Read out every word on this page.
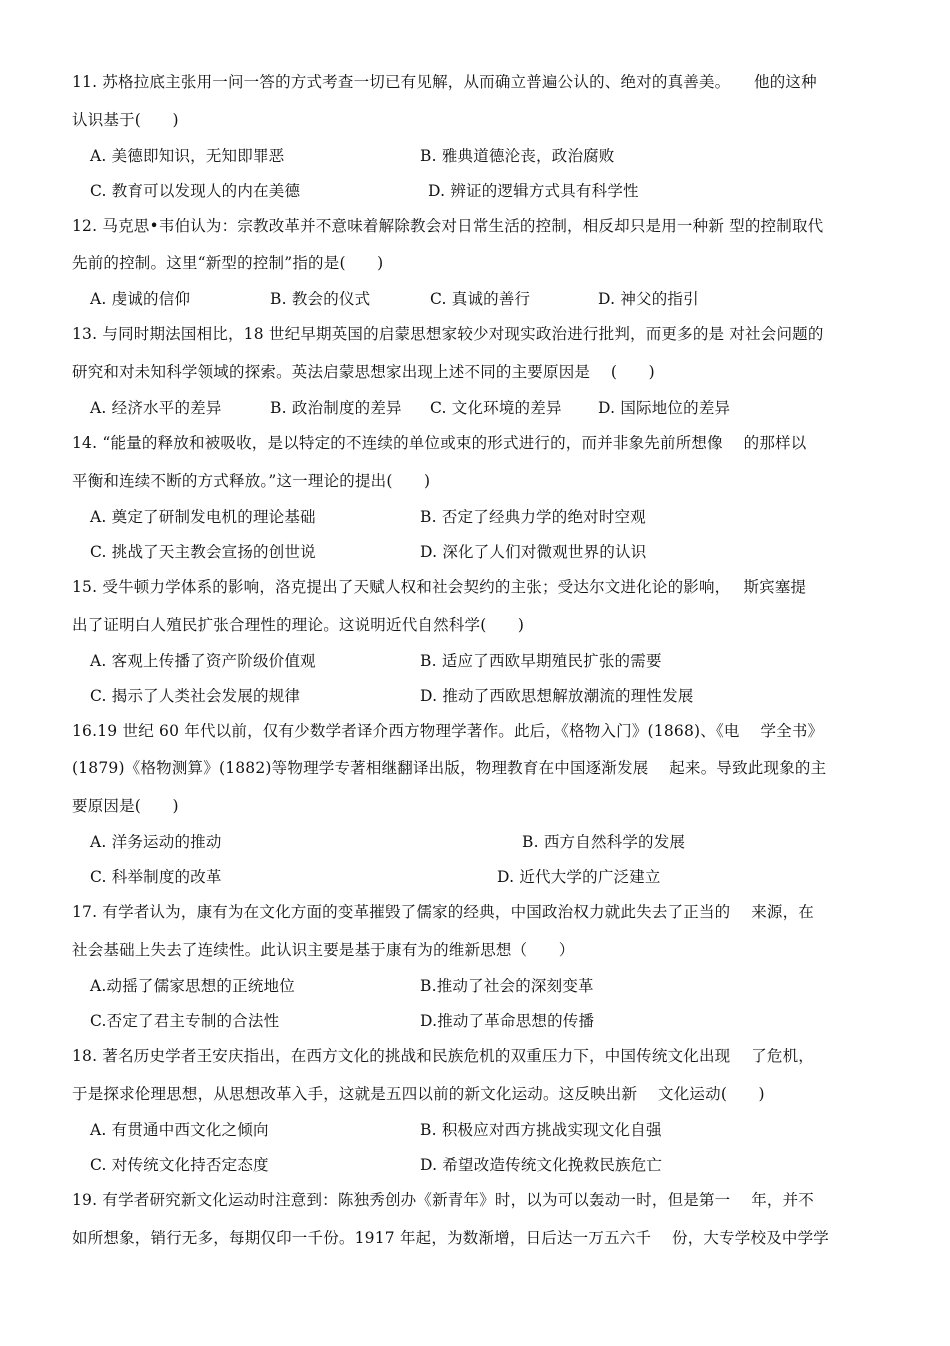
11. 苏格拉底主张用一问一答的方式考查一切已有见解，从而确立普遍公认的、绝对的真善美。　　他的这种
认识基于(　　)
A. 美德即知识，无知即罪恶	B. 雅典道德沦丧，政治腐败
C. 教育可以发现人的内在美德	D. 辨证的逻辑方式具有科学性
12. 马克思•韦伯认为：宗教改革并不意味着解除教会对日常生活的控制，相反却只是用一种新 型的控制取代
先前的控制。这里“新型的控制”指的是(　　)
A. 虔诚的信仰	B. 教会的仪式	C. 真诚的善行	D. 神父的指引
13. 与同时期法国相比，18 世纪早期英国的启蒙思想家较少对现实政治进行批判，而更多的是 对社会问题的
研究和对未知科学领域的探索。英法启蒙思想家出现上述不同的主要原因是　 (　　)
A. 经济水平的差异	B. 政治制度的差异 C. 文化环境的差异 D. 国际地位的差异
14. “能量的释放和被吸收，是以特定的不连续的单位或束的形式进行的，而并非象先前所想像　 的那样以
平衡和连续不断的方式释放。”这一理论的提出(　　)
A. 奠定了研制发电机的理论基础	B. 否定了经典力学的绝对时空观
C. 挑战了天主教会宣扬的创世说	D. 深化了人们对微观世界的认识
15. 受牛顿力学体系的影响，洛克提出了天赋人权和社会契约的主张；受达尔文进化论的影响，　 斯宾塞提
出了证明白人殖民扩张合理性的理论。这说明近代自然科学(　　)
A. 客观上传播了资产阶级价值观	B. 适应了西欧早期殖民扩张的需要
C. 揭示了人类社会发展的规律	D. 推动了西欧思想解放潮流的理性发展
16.19 世纪 60 年代以前，仅有少数学者译介西方物理学著作。此后，《格物入门》(1868)、《电　 学全书》
(1879)《格物测算》(1882)等物理学专著相继翻译出版，物理教育在中国逐渐发展　 起来。导致此现象的主
要原因是(　　)
A. 洋务运动的推动	B. 西方自然科学的发展
C. 科举制度的改革	D. 近代大学的广泛建立
17. 有学者认为，康有为在文化方面的变革摧毁了儒家的经典，中国政治权力就此失去了正当的　 来源，在
社会基础上失去了连续性。此认识主要是基于康有为的维新思想（　　）
A.动摇了儒家思想的正统地位	B.推动了社会的深刻变革
C.否定了君主专制的合法性	D.推动了革命思想的传播
18. 著名历史学者王安庆指出，在西方文化的挑战和民族危机的双重压力下，中国传统文化出现　 了危机，
于是探求伦理思想，从思想改革入手，这就是五四以前的新文化运动。这反映出新　 文化运动(　　)
A. 有贯通中西文化之倾向	B. 积极应对西方挑战实现文化自强
C. 对传统文化持否定态度	D. 希望改造传统文化挽救民族危亡
19. 有学者研究新文化运动时注意到：陈独秀创办《新青年》时，以为可以轰动一时，但是第一　 年，并不
如所想象，销行无多，每期仅印一千份。1917 年起，为数渐增，日后达一万五六千　 份，大专学校及中学学
